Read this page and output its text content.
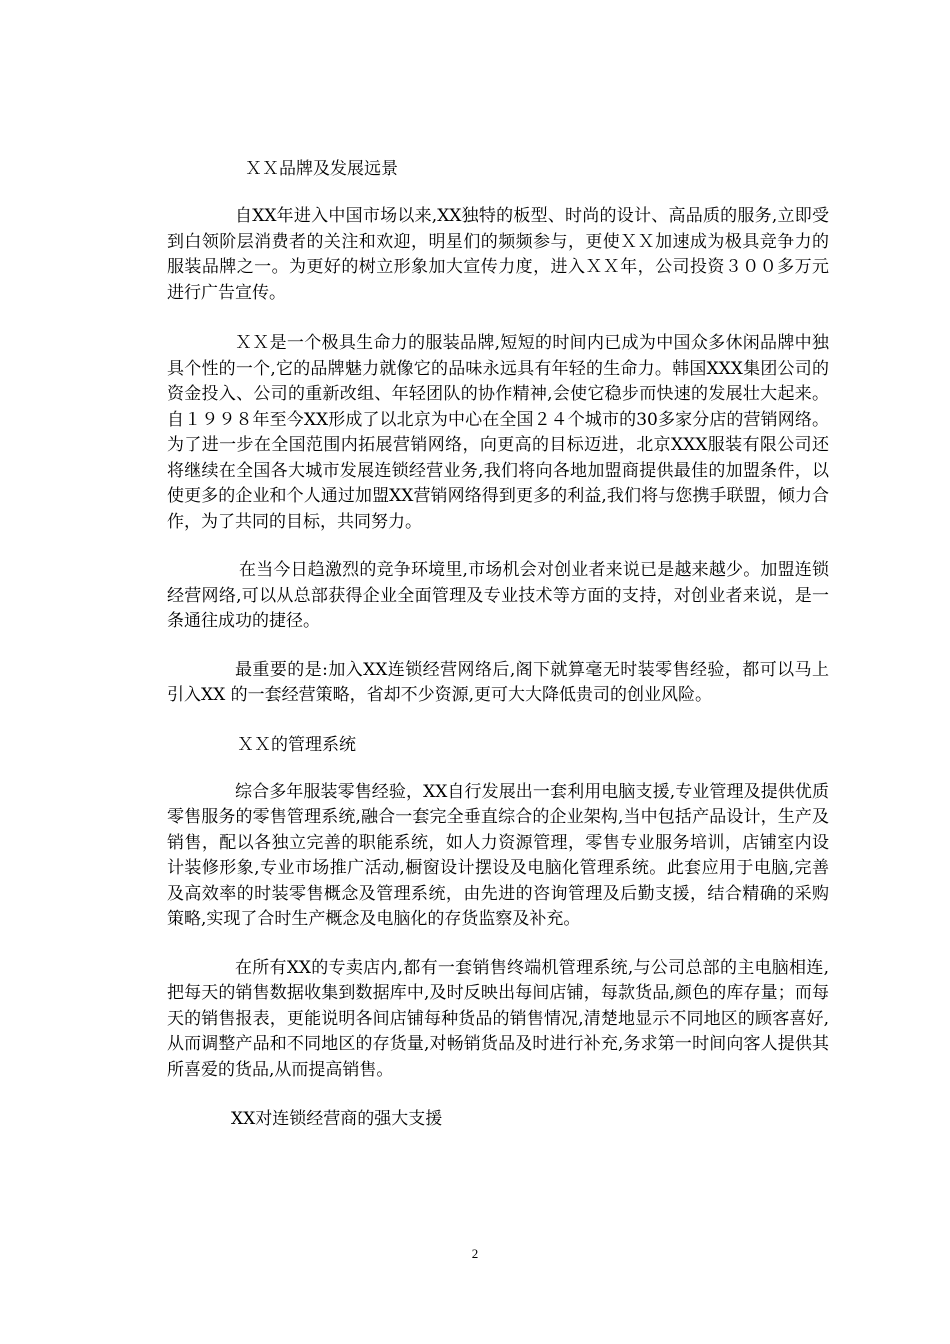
ＸＸ品牌及发展远景

自XX年进入中国市场以来,XX独特的板型、时尚的设计、高品质的服务,立即受到白领阶层消费者的关注和欢迎，明星们的频频参与，更使ＸＸ加速成为极具竞争力的服装品牌之一。为更好的树立形象加大宣传力度，进入ＸＸ年，公司投资３００多万元进行广告宣传。

ＸＸ是一个极具生命力的服装品牌,短短的时间内已成为中国众多休闲品牌中独具个性的一个,它的品牌魅力就像它的品味永远具有年轻的生命力。韩国XXX集团公司的资金投入、公司的重新改组、年轻团队的协作精神,会使它稳步而快速的发展壮大起来。自１９９８年至今XX形成了以北京为中心在全国２４个城市的30多家分店的营销网络。为了进一步在全国范围内拓展营销网络，向更高的目标迈进，北京XXX服装有限公司还将继续在全国各大城市发展连锁经营业务,我们将向各地加盟商提供最佳的加盟条件，以使更多的企业和个人通过加盟XX营销网络得到更多的利益,我们将与您携手联盟，倾力合作，为了共同的目标，共同努力。

在当今日趋激烈的竞争环境里,市场机会对创业者来说已是越来越少。加盟连锁经营网络,可以从总部获得企业全面管理及专业技术等方面的支持，对创业者来说，是一条通往成功的捷径。

最重要的是:加入XX连锁经营网络后,阁下就算毫无时装零售经验，都可以马上引入XX 的一套经营策略，省却不少资源,更可大大降低贵司的创业风险。

ＸＸ的管理系统

综合多年服装零售经验，XX自行发展出一套利用电脑支援,专业管理及提供优质零售服务的零售管理系统,融合一套完全垂直综合的企业架构,当中包括产品设计，生产及销售，配以各独立完善的职能系统，如人力资源管理，零售专业服务培训，店铺室内设计装修形象,专业市场推广活动,橱窗设计摆设及电脑化管理系统。此套应用于电脑,完善及高效率的时装零售概念及管理系统，由先进的咨询管理及后勤支援，结合精确的采购策略,实现了合时生产概念及电脑化的存货监察及补充。

在所有XX的专卖店内,都有一套销售终端机管理系统,与公司总部的主电脑相连,把每天的销售数据收集到数据库中,及时反映出每间店铺，每款货品,颜色的库存量；而每天的销售报表，更能说明各间店铺每种货品的销售情况,清楚地显示不同地区的顾客喜好,从而调整产品和不同地区的存货量,对畅销货品及时进行补充,务求第一时间向客人提供其所喜爱的货品,从而提高销售。

XX对连锁经营商的强大支援
2
